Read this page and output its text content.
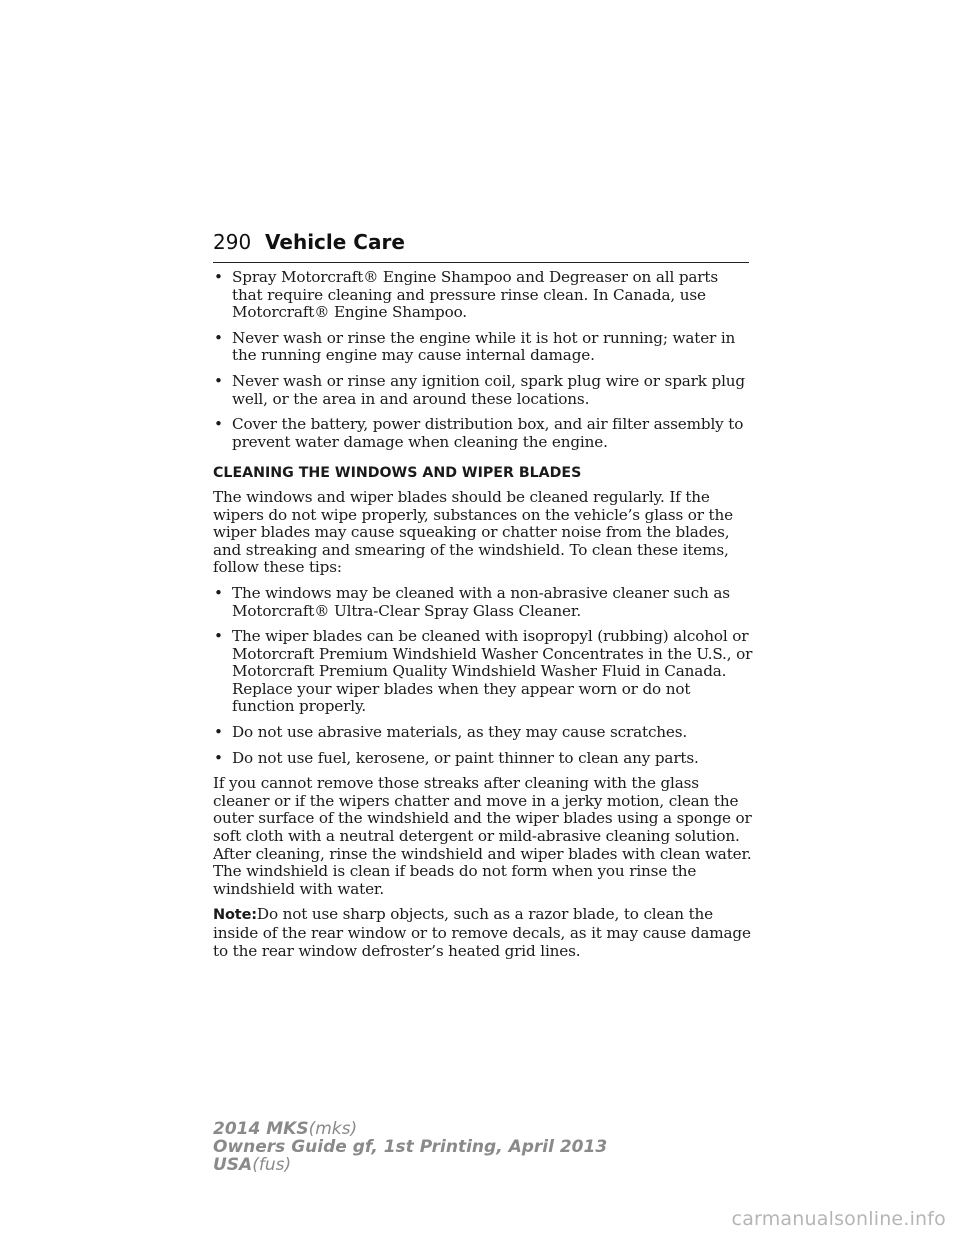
290 Vehicle Care
• Spray Motorcraft® Engine Shampoo and Degreaser on all parts that require cleaning and pressure rinse clean. In Canada, use Motorcraft® Engine Shampoo.
• Never wash or rinse the engine while it is hot or running; water in the running engine may cause internal damage.
• Never wash or rinse any ignition coil, spark plug wire or spark plug well, or the area in and around these locations.
• Cover the battery, power distribution box, and air filter assembly to prevent water damage when cleaning the engine.
CLEANING THE WINDOWS AND WIPER BLADES

The windows and wiper blades should be cleaned regularly. If the wipers do not wipe properly, substances on the vehicle’s glass or the wiper blades may cause squeaking or chatter noise from the blades, and streaking and smearing of the windshield. To clean these items, follow these tips:

• The windows may be cleaned with a non-abrasive cleaner such as Motorcraft® Ultra-Clear Spray Glass Cleaner.
• The wiper blades can be cleaned with isopropyl (rubbing) alcohol or Motorcraft Premium Windshield Washer Concentrates in the U.S., or Motorcraft Premium Quality Windshield Washer Fluid in Canada. Replace your wiper blades when they appear worn or do not function properly.
• Do not use abrasive materials, as they may cause scratches.
• Do not use fuel, kerosene, or paint thinner to clean any parts.

If you cannot remove those streaks after cleaning with the glass cleaner or if the wipers chatter and move in a jerky motion, clean the outer surface of the windshield and the wiper blades using a sponge or soft cloth with a neutral detergent or mild-abrasive cleaning solution. After cleaning, rinse the windshield and wiper blades with clean water. The windshield is clean if beads do not form when you rinse the windshield with water.

Note:Do not use sharp objects, such as a razor blade, to clean the inside of the rear window or to remove decals, as it may cause damage to the rear window defroster’s heated grid lines.

2014 MKS(mks)
Owners Guide gf, 1st Printing, April 2013
USA(fus)
carmanualsonline.info
